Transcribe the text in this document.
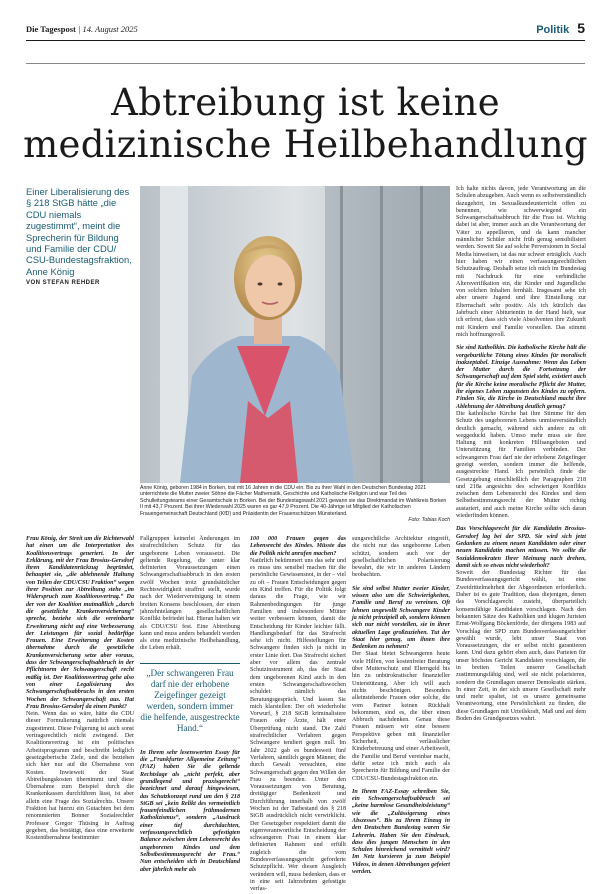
Die Tagespost | 14. August 2025	Politik 5
Abtreibung ist keine
medizinische Heilbehandlung
Einer Liberalisierung des § 218 StGB hätte „die CDU niemals zugestimmt“, meint die Sprecherin für Bildung und Familie der CDU/ CSU-Bundestagsfraktion, Anne König
VON STEFAN REHDER
Anne König, geboren 1984 in Borken, trat mit 16 Jahren in die CDU ein. Bis zu ihrer Wahl in den Deutschen Bundestag 2021 unterrichtete die Mutter zweier Söhne die Fächer Mathematik, Geschichte und Katholische Religion und war Teil des Schulleitungsteams einer Gesamtschule in Borken. Bei der Bundestagswahl 2021 gewann sie das Direktmandat im Wahlkreis Borken II mit 43,7 Prozent. Bei ihrer Wiederwahl 2025 waren es gar 47,9 Prozent. Die 40-Jährige ist Mitglied der Katholischen Frauengemeinschaft Deutschland (KfD) und Präsidentin der Frauenschützen Münsterland.
Foto: Tobias Koch

Frau König, der Streit um die Richterwahl hat einen um die Interpretation des Koalitionsvertrags generiert. In der Erklärung, mit der Frau Brosius-Gersdorf ihren Kandidatenrückzug begründet, behauptet sie, „die ablehnende Haltung von Teilen der CDU/CSU Fraktion“ wegen ihrer Position zur Abtreibung stehe „im Widerspruch zum Koalitionsvertrag.“ Da der von der Koalition mutmaßlich „durch die gesetzliche Krankenversicherung“ spreche, beziehe sich die vereinbarte Erweiterung nicht auf eine Verbesserung der Leistungen für sozial bedürftige Frauen. Eine Erweiterung der Kosten übernahme durch die gesetzliche Krankenversicherung setze aber voraus, dass der Schwangerschaftsabbruch in der Pflichtnorm der Schwangerschaft recht mäßig ist. Der Koalitionsvertrag gehe also von einer Legalisierung des Schwangerschaftsabbruchs in den ersten Wochen der Schwangerschaft aus. Hat Frau Brosius-Gersdorf da einen Punkt?

Nein. Wenn das so wäre, hätte die CDU dieser Formulierung natürlich niemals zugestimmt. Diese Folgerung ist auch sonst vertragsrechtlich nicht zwingend. Der Koalitionsvertrag ist ein politisches Arbeitsprogramm und beschreibt lediglich gesetzgeberische Ziele, und die beziehen sich hier nur auf die Übernahme von Kosten. Inwieweit der Staat Abtreibungskosten übernimmt und diese Übernahme zum Beispiel durch die Krankenkassen durchführen lässt, ist aber allein eine Frage des Sozialrechts. Unsere Fraktion hat hierzu ein Gutachten bei dem renommierten Bonner Sozialrechtler Professor Gregor Thüsing in Auftrag gegeben, das bestätigt, dass eine erweiterte Kostenübernahme bestimmter

Fallgruppen keinerlei Änderungen im strafrechtlichen Schutz für das ungeborene Leben voraussetzt. Die geltende Regelung, die unter klar definierten Voraussetzungen einen Schwangerschaftsabbruch in den ersten zwölf Wochen trotz grundsätzlicher Rechtswidrigkeit straffrei stellt, wurde nach der Wiedervereinigung in einem breiten Konsens beschlossen, der einen jahrzehntelangen gesellschaftlichen Konflikt befriedet hat. Hieran halten wir als CDU/CSU fest. Eine Abtreibung kann und muss anders behandelt werden als eine medizinische Heilbehandlung, die Leben erhält.

„Der schwangeren Frau darf nie der erhobene Zeigefinger gezeigt werden, sondern immer die helfende, ausgestreckte Hand.“

In Ihrem sehr lesenswerten Essay für die „Frankfurter Allgemeine Zeitung“ (FAZ) haben Sie die geltende Rechtslage als „nicht perfekt, aber grundlegend und praxisgerecht“ bezeichnet und darauf hingewiesen, das Schutzkonzept rund um den § 218 StGB sei „kein Relikt des vermeintlich frauenfeindlichen frühmodernen Katholizismus“, sondern „Ausdruck einer tief durchdachten, verfassungsrechtlich gefestigten Balance zwischen dem Lebensrecht des ungeborenen Kindes und dem Selbstbestimmungsrecht der Frau.“ Nun entscheiden sich in Deutschland aber jährlich mehr als

100 000 Frauen gegen das Lebensrecht des Kindes. Müsste das die Politik nicht anrufen machen?

Natürlich bekümmert uns das sehr und es muss uns sensibel machen für die persönliche Gewissensnot, in der – viel zu oft – Frauen Entscheidungen gegen ein Kind treffen. Für die Politik folgt daraus die Frage, wie wir Rahmenbedingungen für junge Familien und insbesondere Mütter weiter verbessern können, damit die Entscheidung für Kinder leichter fällt. Handlungsbedarf für das Strafrecht sehe ich nicht. Hilfestellungen für Schwangere finden sich ja nicht in erster Linie dort. Das Strafrecht sichert aber vor allem das zentrale Schutzinstrument ab, das der Staat dem ungeborenen Kind auch in den ersten Schwangerschaftswochen schuldet: nämlich das Beratungsgespräch. Und lassen Sie mich klarstellen: Der oft wiederholte Vorwurf, § 218 StGB kriminalisiere Frauen oder Ärzte, hält einer Überprüfung nicht stand. Die Zahl strafrechtlicher Verfahren gegen Schwangere tendiert gegen null. Im Jahr 2022 gab es bundesweit fünf Verfahren, sämtlich gegen Männer, die durch Gewalt versuchten, eine Schwangerschaft gegen den Willen der Frau zu beenden. Unter den Voraussetzungen von Beratung, dreitägiger Bedenkzeit und Durchführung innerhalb von zwölf Wochen ist der Tatbestand des § 218 StGB ausdrücklich nicht verwirklicht. Der Gesetzgeber respektiert damit die eigenverantwortliche Entscheidung der schwangeren Frau in einem klar definierten Rahmen und erfüllt zugleich die vom Bundesverfassungsgericht geforderte Schutzpflicht. Wer diesen Ausgleich verändern will, muss bedenken, dass er in eine seit Jahrzehnten gefestigte verfas-

sungsrechtliche Architektur eingreift, die nicht nur das ungeborene Leben schützt, sondern auch vor der gesellschaftlichen Polarisierung bewahrt, die wir in anderen Ländern beobachten.

Sie sind selbst Mutter zweier Kinder, wissen also um die Schwierigkeiten, Familie und Beruf zu vereinen. Oft lehnen ungewollt Schwangere Kinder ja nicht prinzipiell ab, sondern können sich nur nicht vorstellen, sie in ihrer aktuellen Lage großzuziehen. Tut der Staat hier genug, um ihnen ihre Bedenken zu nehmen?

Der Staat bietet Schwangeren heute viele Hilfen, von kostenfreier Beratung über Mutterschutz und Elterngeld bis hin zu unbürokratischer finanzieller Unterstützung. Aber ich will auch nichts beschönigen. Besonders alleinstehende Frauen oder solche, die vom Partner keinen Rückhalt bekommen, sind es, die über einen Abbruch nachdenken. Genau diese Frauen müssen wir eine bessere Perspektive geben mit finanzieller Sicherheit, verlässlicher Kinderbetreuung und einer Arbeitswelt, die Familie und Beruf vereinbar macht, dafür setze ich mich auch als Sprecherin für Bildung und Familie der CDU/CSU-Bundestagsfraktion ein.

In Ihrem FAZ-Essay schreiben Sie, ein Schwangerschaftsabbruch sei „keine harmlose Gesundheitsleistung“ wie die „Zulässigerung eines Abszesses“. Bis zu Ihrem Einzug in den Deutschen Bundestag waren Sie Lehrerin. Haben Sie den Eindruck, dass dies jungen Menschen in den Schulen hinreichend vermittelt wird? Im Netz kursieren ja zum Beispiel Videos, in denen Abtreibungen gefeiert werden.

Ich halte nichts davon, jede Verantwortung an die Schulen abzugeben. Auch wenn es selbstverständlich dazugehört, im Sexualkundeunterricht offen zu benennen, wie schwerwiegend ein Schwangerschaftsabbruch für die Frau ist. Wichtig dabei ist aber, immer auch an die Verantwortung der Väter zu appellieren, und da kann mancher männlicher Schüler nicht früh genug sensibilisiert werden. Soweit Sie auf solche Perversionen in Social Media hinweisen, ist das nur schwer erträglich. Auch hier haben wir einen verfassungsrechtlichen Schutzauftrag. Deshalb setze ich mich im Bundestag mit Nachdruck für eine verbindliche Altersverifikation ein, die Kinder und Jugendliche von solchen Inhalten fernhält. Insgesamt sehe ich aber unsere Jugend und ihre Einstellung zur Elternschaft sehr positiv. Als ich kürzlich das Jahrbuch einer Abiturientin in der Hand hielt, war ich erfreut, dass sich viele Absolventen ihre Zukunft mit Kindern und Familie vorstellen. Das stimmt mich hoffnungsvoll.

Sie sind Katholikin. Die katholische Kirche hält die vorgeburtliche Tötung eines Kindes für moralisch inakzeptabel. Einzige Ausnahme: Wenn das Leben der Mutter durch die Fortsetzung der Schwangerschaft auf dem Spiel steht, existiert auch für die Kirche keine moralische Pflicht der Mutter, ihr eigenes Leben zugunsten des Kindes zu opfern. Finden Sie, die Kirche in Deutschland macht ihre Ablehnung der Abtreibung deutlich genug?

Die katholische Kirche hat ihre Stimme für den Schutz des ungeborenen Lebens unmissverständlich deutlich gemacht, während sich andere zu oft weggeduckt haben. Umso mehr muss sie ihre Haltung mit konkreten Hilfsangeboten und Unterstützung für Familien verbinden. Der schwangeren Frau darf nie der erhobene Zeigefinger gezeigt werden, sondern immer die helfende, ausgestreckte Hand. Ich persönlich finde die Gesetzgebung einschließlich der Paragraphen 218 und 218a angesichts des schwierigen Konflikts zwischen dem Lebensrecht des Kindes und dem Selbstbestimmungsrecht der Mutter richtig austariert, und auch meine Kirche sollte sich daran wiederfinden können.

Das Vorschlagsrecht für die Kandidatin Brosius-Gersdorf lag bei der SPD. Sie wird sich jetzt Gedanken zu einem neuen Kandidaten oder einer neuen Kandidatin machen müssen. Wo sollte die Sozialdemokraten Ihrer Meinung nach drehen, damit sich so etwas nicht wiederholt?

Soweit der Bundestag Richter für das Bundesverfassungsgericht wählt, ist eine Zweidrittelmehrheit der Abgeordneten erforderlich. Daher ist es gute Tradition, dass diejenigen, denen das Vorschlagsrecht zusteht, überparteilich konsensfähige Kandidaten vorschlagen. Nach den bekannten Sätze des Katholiken und klugen Juristen Ernst-Wolfgang Böckenförde, der übrigens 1983 auf Vorschlag der SPD zum Bundesverfassungsrichter gewählt wurde, lebt unser Staat von Voraussetzungen, die er selbst nicht garantieren kann. Und dazu gehört eben auch, dass Parteien für unser höchstes Gericht Kandidaten vorschlagen, die in breiten Teilen unserer Gesellschaft zustimmungsfähig sind, weil sie nicht polarisieren, sondern die Grundlagen unserer Demokratie stärken. In einer Zeit, in der sich unsere Gesellschaft mehr und mehr spaltet, ist es unsere gemeinsame Verantwortung, eine Persönlichkeit zu finden, die diese Grundlagen mit Urteilskraft, Maß und auf dem Boden des Grundgesetzes wahrt.
